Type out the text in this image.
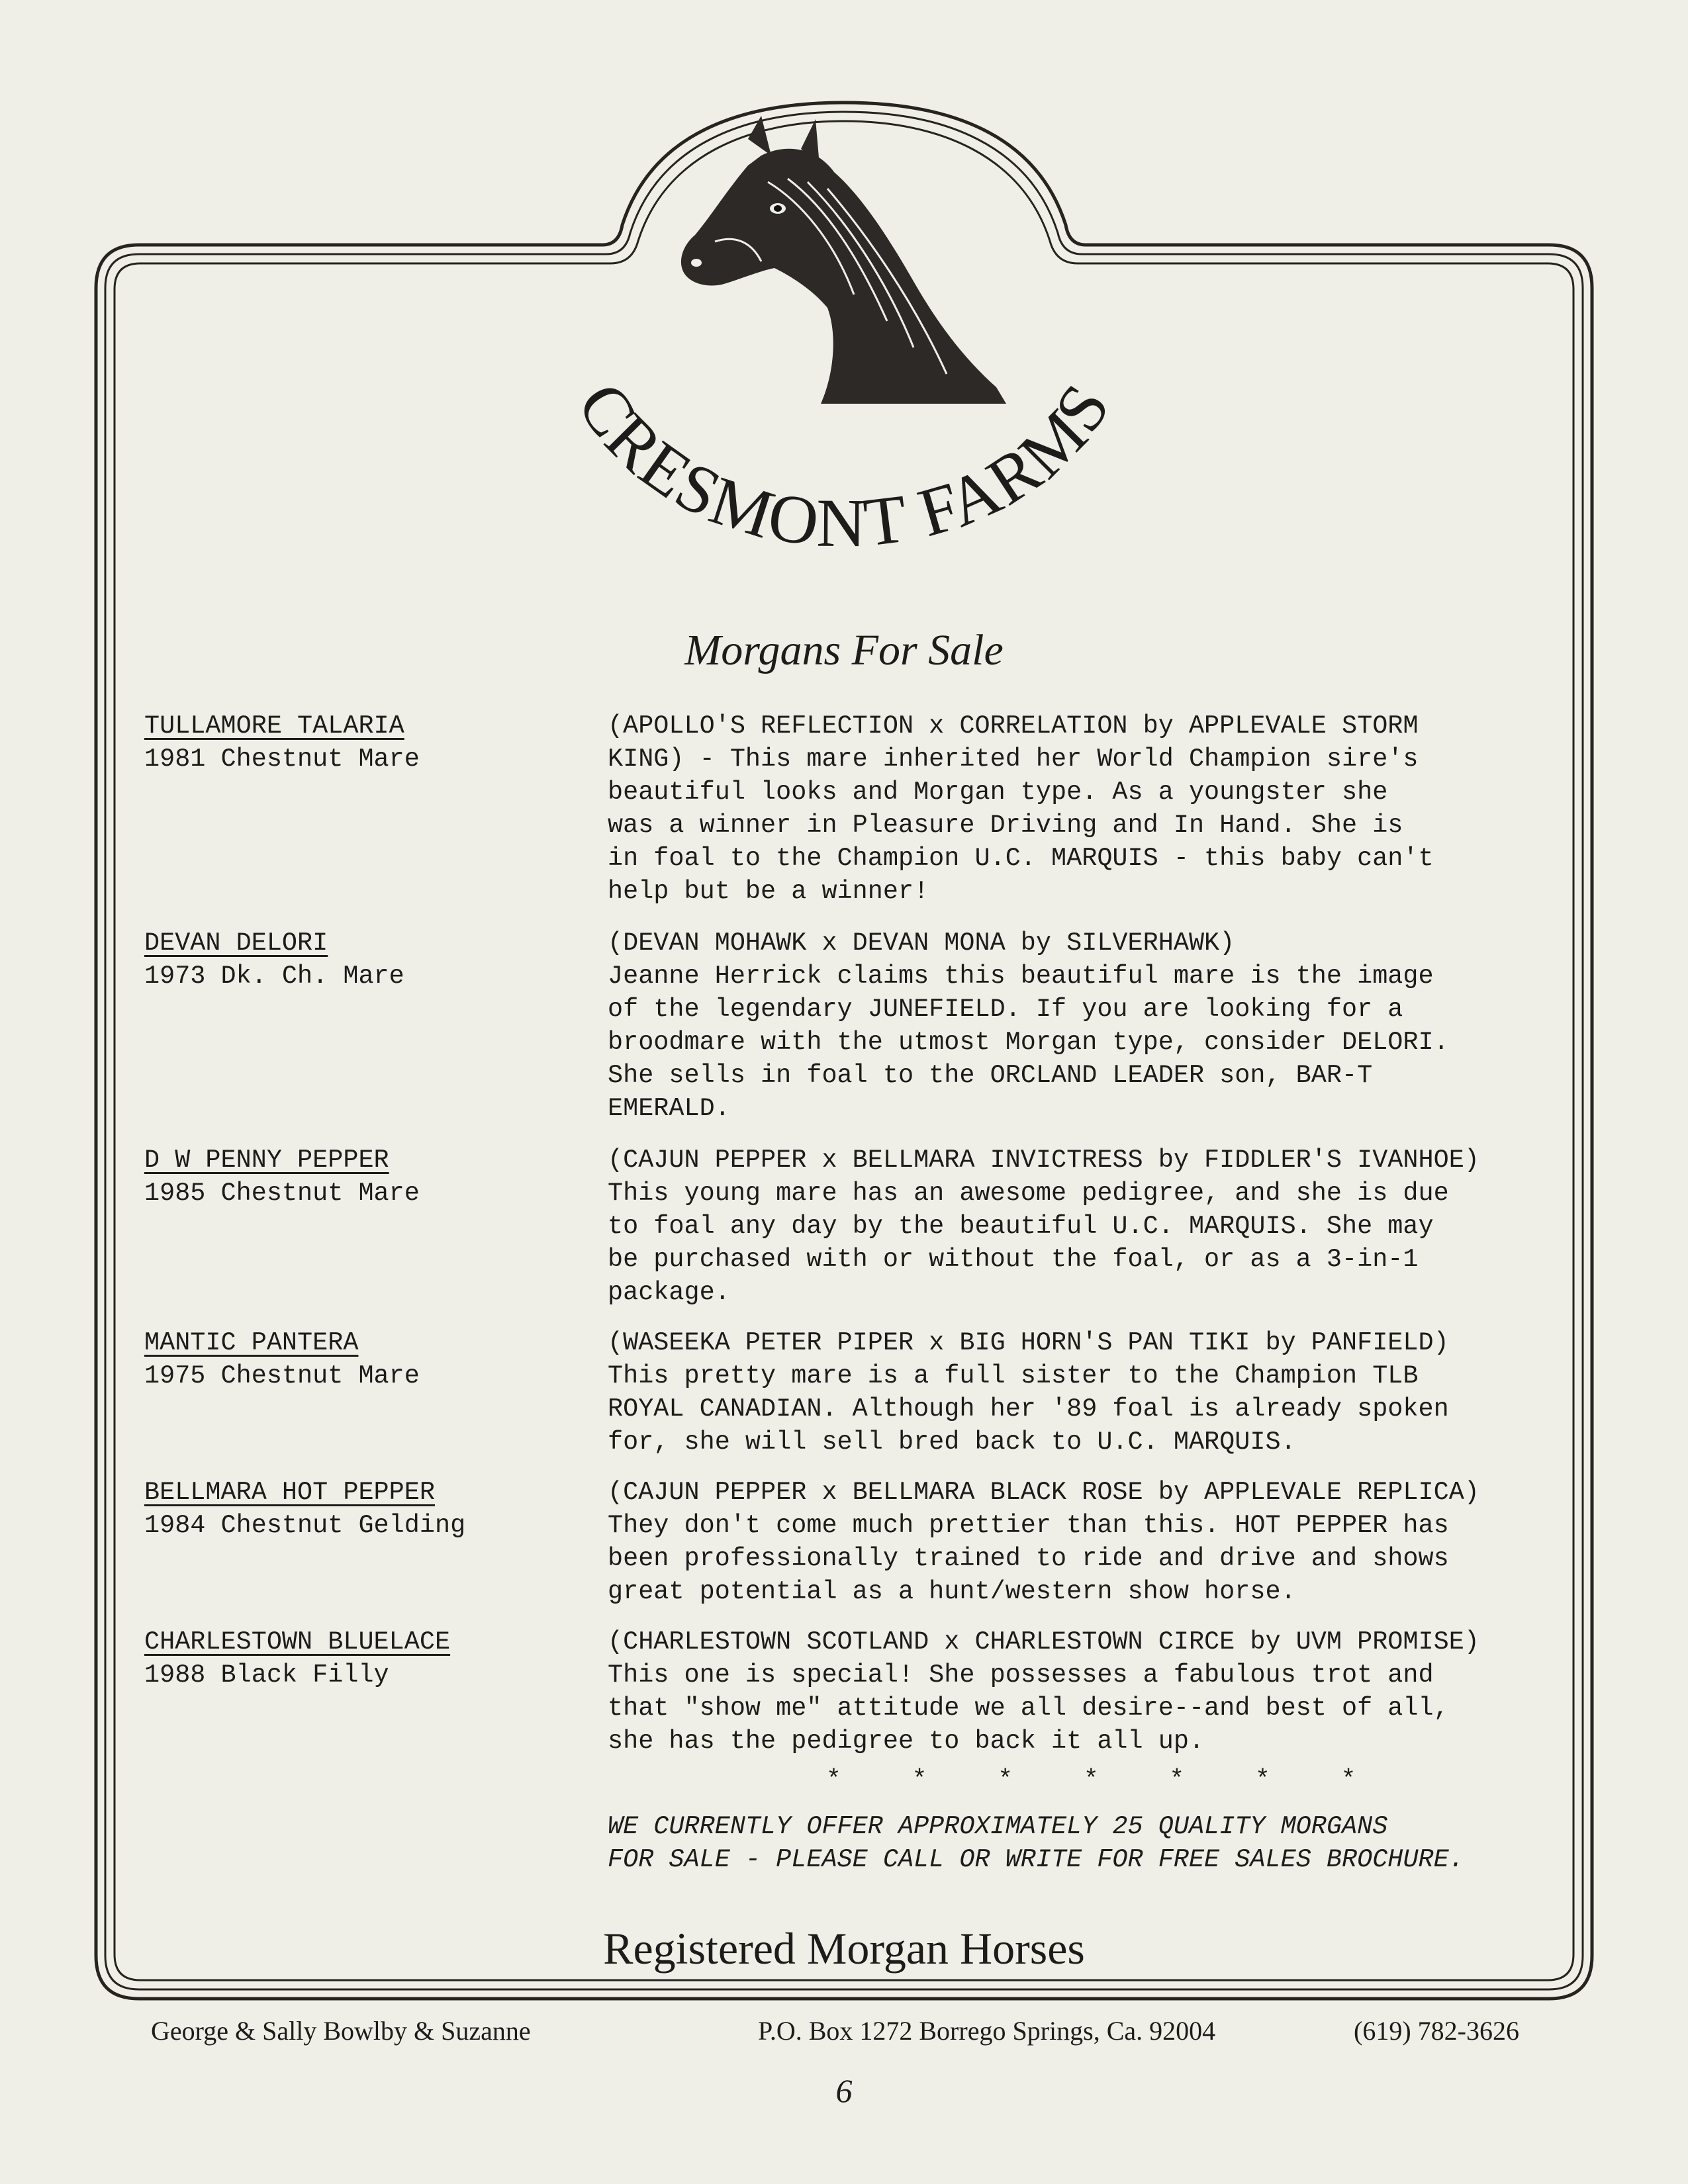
CRESMONT FARMS
Morgans For Sale
TULLAMORE TALARIA
1981 Chestnut Mare
(APOLLO'S REFLECTION x CORRELATION by APPLEVALE STORM
KING) - This mare inherited her World Champion sire's
beautiful looks and Morgan type. As a youngster she
was a winner in Pleasure Driving and In Hand. She is
in foal to the Champion U.C. MARQUIS - this baby can't
help but be a winner!
DEVAN DELORI
1973 Dk. Ch. Mare
(DEVAN MOHAWK x DEVAN MONA by SILVERHAWK)
Jeanne Herrick claims this beautiful mare is the image
of the legendary JUNEFIELD. If you are looking for a
broodmare with the utmost Morgan type, consider DELORI.
She sells in foal to the ORCLAND LEADER son, BAR-T
EMERALD.
D W PENNY PEPPER
1985 Chestnut Mare
(CAJUN PEPPER x BELLMARA INVICTRESS by FIDDLER'S IVANHOE)
This young mare has an awesome pedigree, and she is due
to foal any day by the beautiful U.C. MARQUIS. She may
be purchased with or without the foal, or as a 3-in-1
package.
MANTIC PANTERA
1975 Chestnut Mare
(WASEEKA PETER PIPER x BIG HORN'S PAN TIKI by PANFIELD)
This pretty mare is a full sister to the Champion TLB
ROYAL CANADIAN. Although her '89 foal is already spoken
for, she will sell bred back to U.C. MARQUIS.
BELLMARA HOT PEPPER
1984 Chestnut Gelding
(CAJUN PEPPER x BELLMARA BLACK ROSE by APPLEVALE REPLICA)
They don't come much prettier than this. HOT PEPPER has
been professionally trained to ride and drive and shows
great potential as a hunt/western show horse.
CHARLESTOWN BLUELACE
1988 Black Filly
(CHARLESTOWN SCOTLAND x CHARLESTOWN CIRCE by UVM PROMISE)
This one is special! She possesses a fabulous trot and
that "show me" attitude we all desire--and best of all,
she has the pedigree to back it all up.
* * * * * * *
WE CURRENTLY OFFER APPROXIMATELY 25 QUALITY MORGANS
FOR SALE - PLEASE CALL OR WRITE FOR FREE SALES BROCHURE.
Registered Morgan Horses
George & Sally Bowlby & Suzanne	P.O. Box 1272 Borrego Springs, Ca. 92004	(619) 782-3626
6
